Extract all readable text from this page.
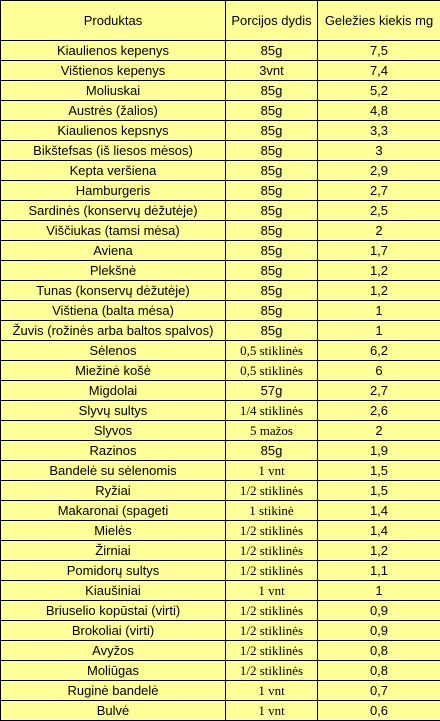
Produktas	Porcijos dydis	Geležies kiekis mg
Kiaulienos kepenys	85g	7,5
Vištienos kepenys	3vnt	7,4
Moliuskai	85g	5,2
Austrės (žalios)	85g	4,8
Kiaulienos kepsnys	85g	3,3
Bikštefsas (iš liesos mėsos)	85g	3
Kepta veršiena	85g	2,9
Hamburgeris	85g	2,7
Sardinės (konservų dėžutėje)	85g	2,5
Viščiukas (tamsi mėsa)	85g	2
Aviena	85g	1,7
Plekšnė	85g	1,2
Tunas (konservų dėžutėje)	85g	1,2
Vištiena (balta mėsa)	85g	1
Žuvis (rožinės arba baltos spalvos)	85g	1
Sėlenos	0,5 stiklinės	6,2
Miežinė košė	0,5 stiklinės	6
Migdolai	57g	2,7
Slyvų sultys	1/4 stiklinės	2,6
Slyvos	5 mažos	2
Razinos	85g	1,9
Bandelė su sėlenomis	1 vnt	1,5
Ryžiai	1/2 stiklinės	1,5
Makaronai (spageti	1 stikinė	1,4
Mielės	1/2 stiklinės	1,4
Žirniai	1/2 stiklinės	1,2
Pomidorų sultys	1/2 stiklinės	1,1
Kiaušiniai	1 vnt	1
Briuselio kopūstai (virti)	1/2 stiklinės	0,9
Brokoliai (virti)	1/2 stiklinės	0,9
Avyžos	1/2 stiklinės	0,8
Moliūgas	1/2 stiklinės	0,8
Ruginė bandelė	1 vnt	0,7
Bulvė	1 vnt	0,6
